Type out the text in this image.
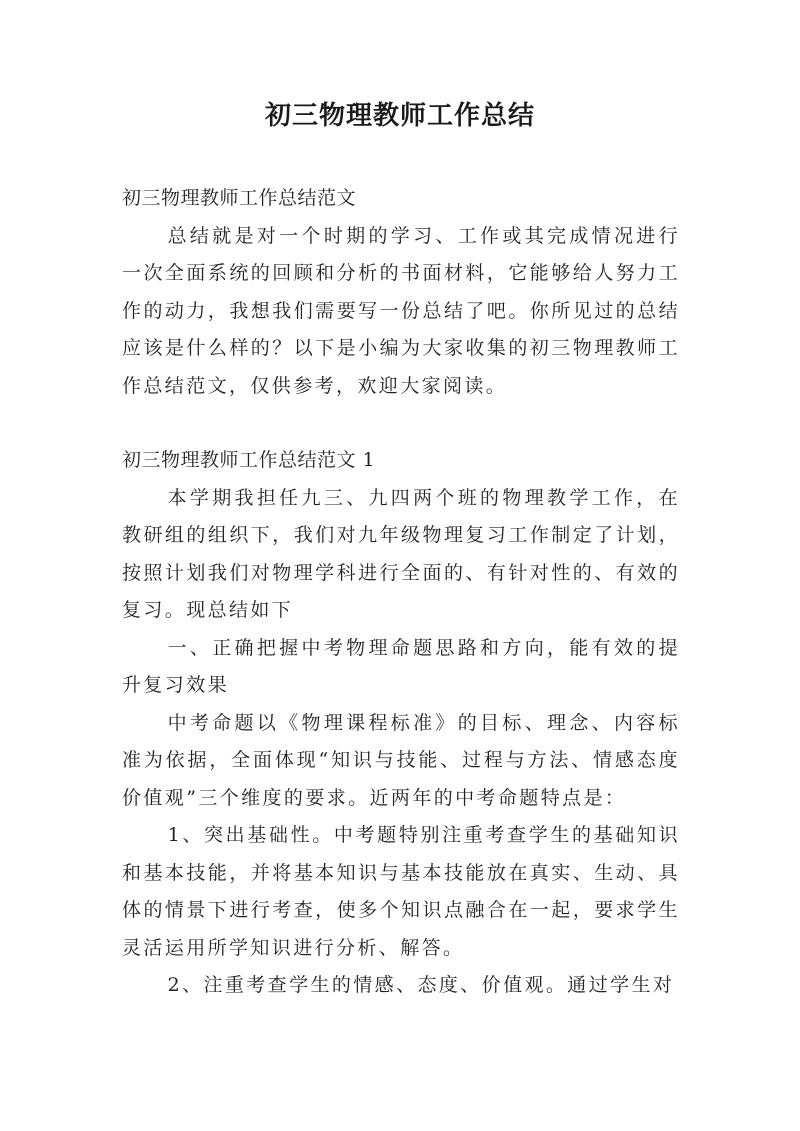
初三物理教师工作总结

初三物理教师工作总结范文

总结就是对一个时期的学习、工作或其完成情况进行一次全面系统的回顾和分析的书面材料，它能够给人努力工作的动力，我想我们需要写一份总结了吧。你所见过的总结应该是什么样的？以下是小编为大家收集的初三物理教师工作总结范文，仅供参考，欢迎大家阅读。

初三物理教师工作总结范文 1

本学期我担任九三、九四两个班的物理教学工作，在教研组的组织下，我们对九年级物理复习工作制定了计划，按照计划我们对物理学科进行全面的、有针对性的、有效的复习。现总结如下

一、正确把握中考物理命题思路和方向，能有效的提升复习效果

中考命题以《物理课程标准》的目标、理念、内容标准为依据，全面体现“知识与技能、过程与方法、情感态度价值观”三个维度的要求。近两年的中考命题特点是：

1、突出基础性。中考题特别注重考查学生的基础知识和基本技能，并将基本知识与基本技能放在真实、生动、具体的情景下进行考查，使多个知识点融合在一起，要求学生灵活运用所学知识进行分析、解答。

2、注重考查学生的情感、态度、价值观。通过学生对
